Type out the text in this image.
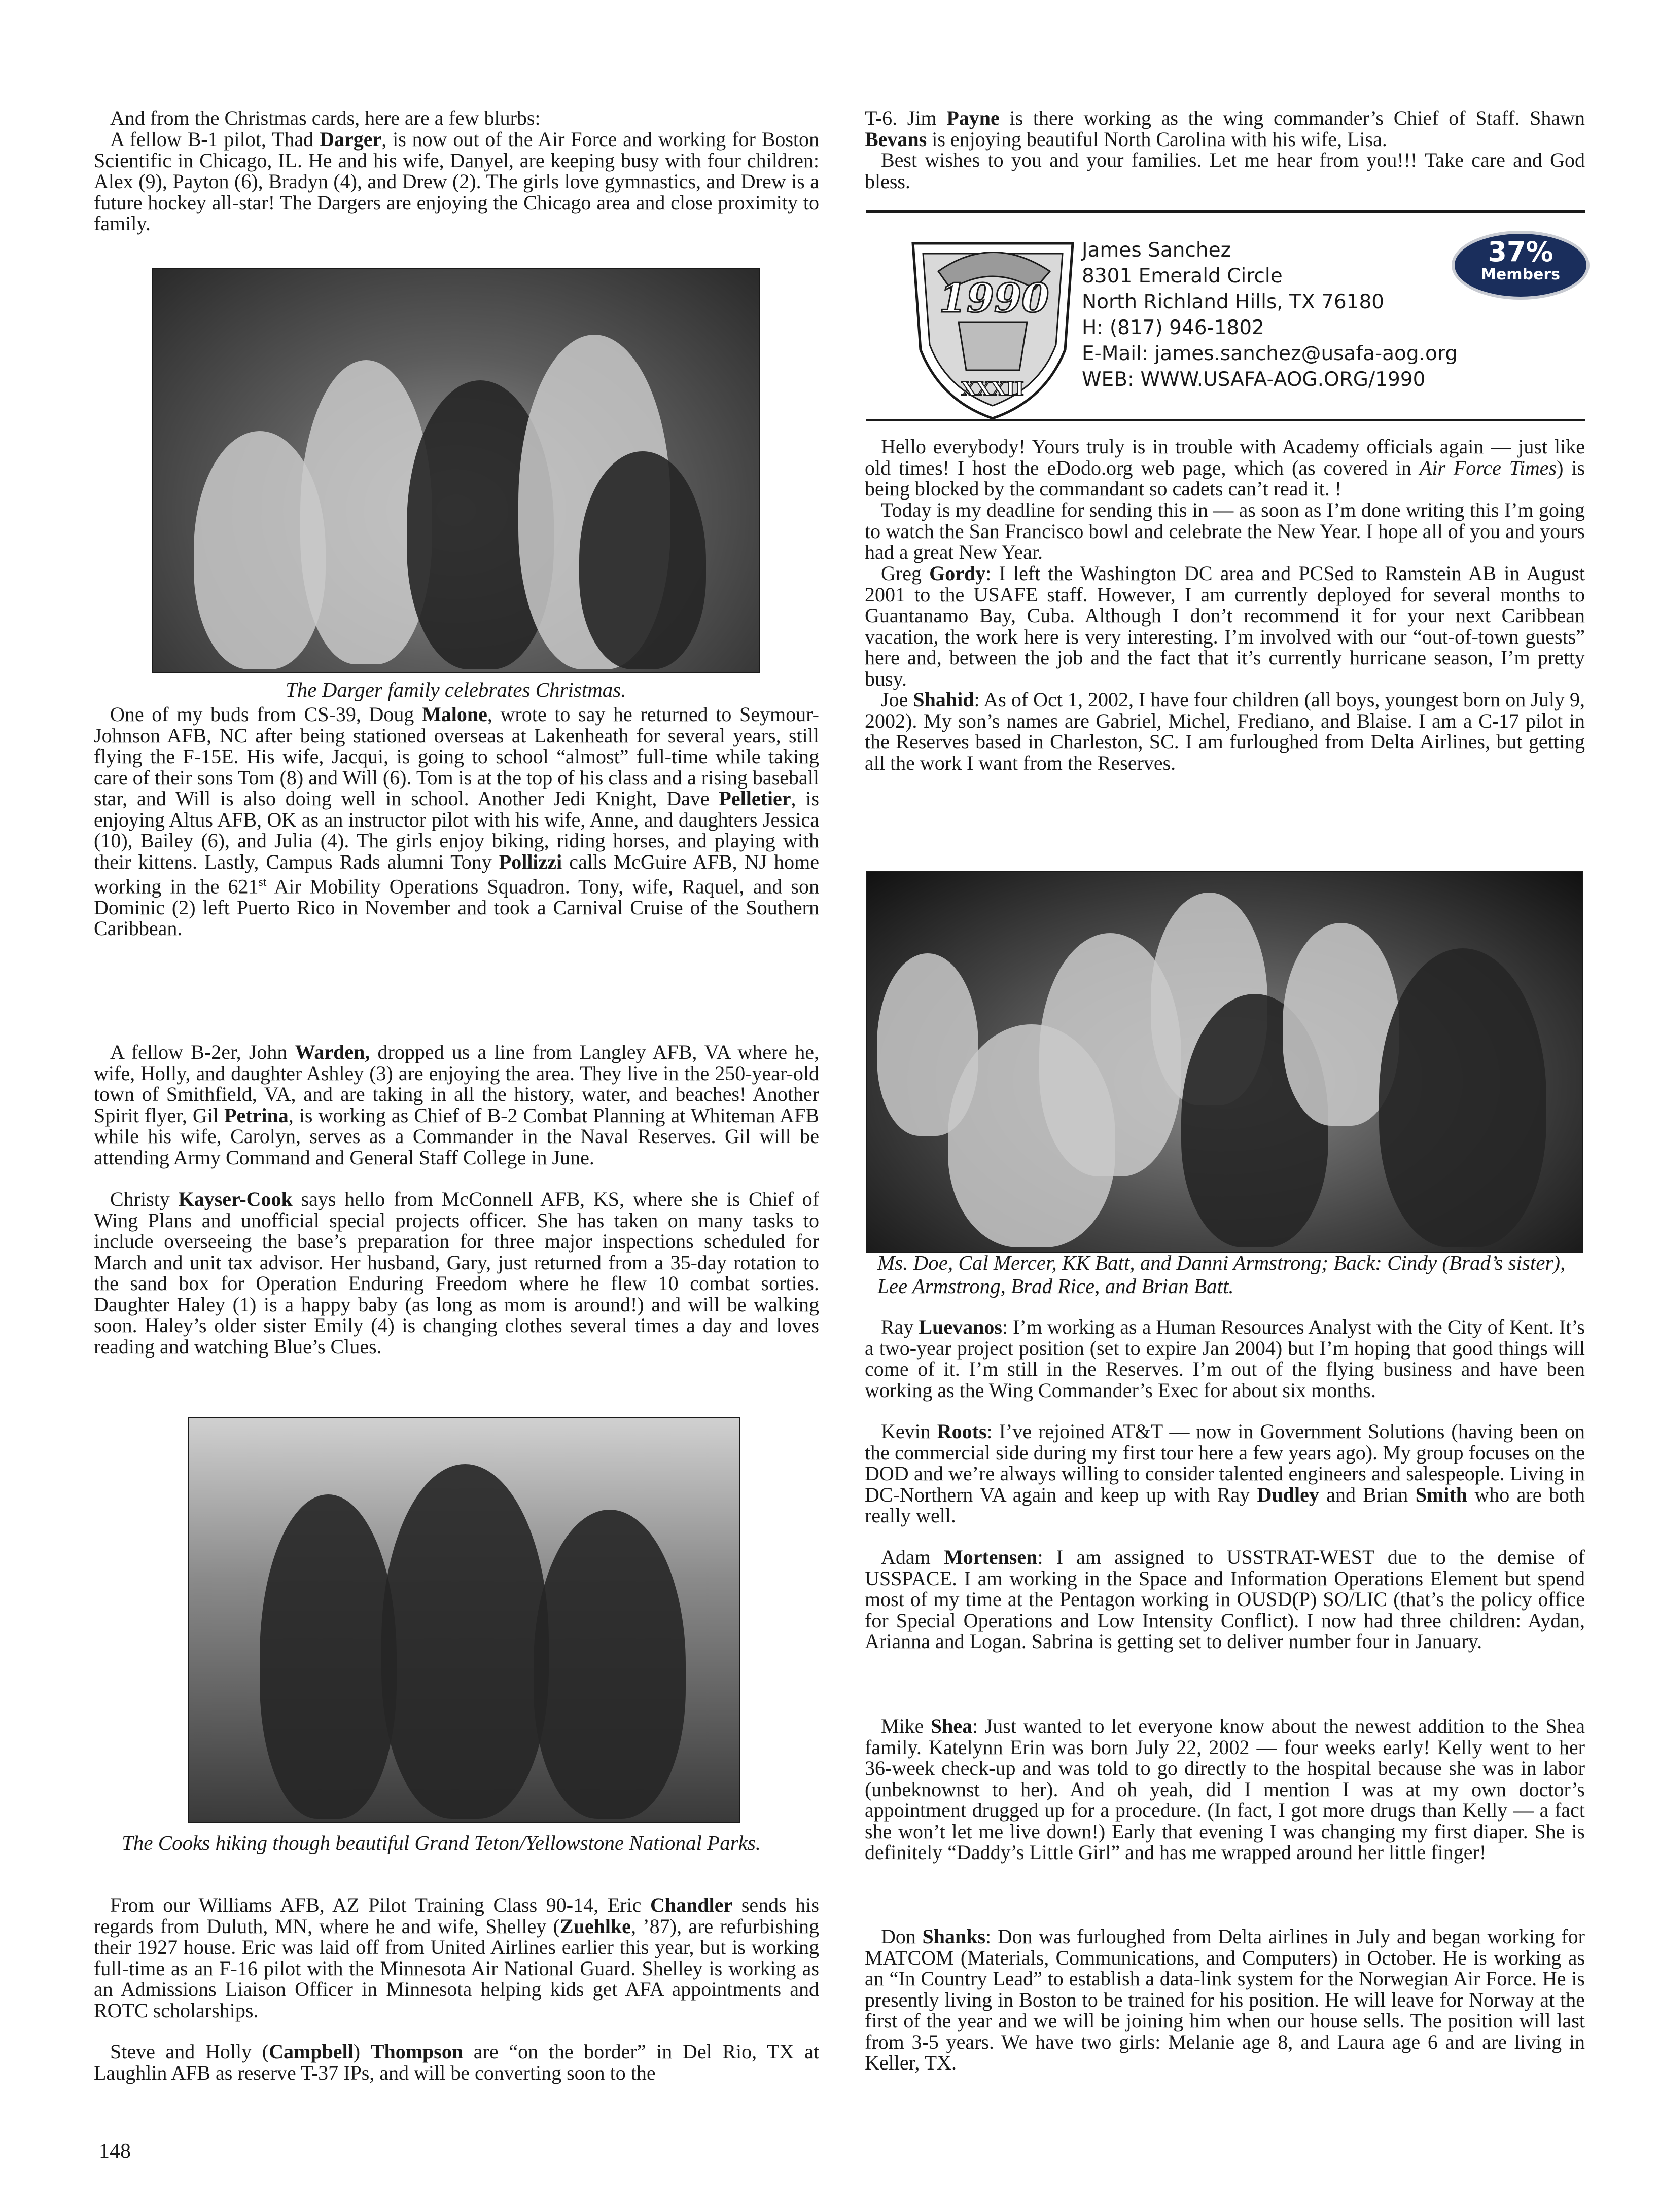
And from the Christmas cards, here are a few blurbs:

A fellow B-1 pilot, Thad Darger, is now out of the Air Force and working for Boston Scientific in Chicago, IL. He and his wife, Danyel, are keeping busy with four children: Alex (9), Payton (6), Bradyn (4), and Drew (2). The girls love gymnastics, and Drew is a future hockey all-star! The Dargers are enjoying the Chicago area and close proximity to family.

The Darger family celebrates Christmas.

One of my buds from CS-39, Doug Malone, wrote to say he returned to Seymour-Johnson AFB, NC after being stationed overseas at Lakenheath for several years, still flying the F-15E. His wife, Jacqui, is going to school “almost” full-time while taking care of their sons Tom (8) and Will (6). Tom is at the top of his class and a rising baseball star, and Will is also doing well in school. Another Jedi Knight, Dave Pelletier, is enjoying Altus AFB, OK as an instructor pilot with his wife, Anne, and daughters Jessica (10), Bailey (6), and Julia (4). The girls enjoy biking, riding horses, and playing with their kittens. Lastly, Campus Rads alumni Tony Pollizzi calls McGuire AFB, NJ home working in the 621st Air Mobility Operations Squadron. Tony, wife, Raquel, and son Dominic (2) left Puerto Rico in November and took a Carnival Cruise of the Southern Caribbean.

A fellow B-2er, John Warden, dropped us a line from Langley AFB, VA where he, wife, Holly, and daughter Ashley (3) are enjoying the area. They live in the 250-year-old town of Smithfield, VA, and are taking in all the history, water, and beaches! Another Spirit flyer, Gil Petrina, is working as Chief of B-2 Combat Planning at Whiteman AFB while his wife, Carolyn, serves as a Commander in the Naval Reserves. Gil will be attending Army Command and General Staff College in June.

Christy Kayser-Cook says hello from McConnell AFB, KS, where she is Chief of Wing Plans and unofficial special projects officer. She has taken on many tasks to include overseeing the base’s preparation for three major inspections scheduled for March and unit tax advisor. Her husband, Gary, just returned from a 35-day rotation to the sand box for Operation Enduring Freedom where he flew 10 combat sorties. Daughter Haley (1) is a happy baby (as long as mom is around!) and will be walking soon. Haley’s older sister Emily (4) is changing clothes several times a day and loves reading and watching Blue’s Clues.

The Cooks hiking though beautiful Grand Teton/Yellowstone National Parks.

From our Williams AFB, AZ Pilot Training Class 90-14, Eric Chandler sends his regards from Duluth, MN, where he and wife, Shelley (Zuehlke, ’87), are refurbishing their 1927 house. Eric was laid off from United Airlines earlier this year, but is working full-time as an F-16 pilot with the Minnesota Air National Guard. Shelley is working as an Admissions Liaison Officer in Minnesota helping kids get AFA appointments and ROTC scholarships.

Steve and Holly (Campbell) Thompson are “on the border” in Del Rio, TX at Laughlin AFB as reserve T-37 IPs, and will be converting soon to the

T-6. Jim Payne is there working as the wing commander’s Chief of Staff. Shawn Bevans is enjoying beautiful North Carolina with his wife, Lisa.

Best wishes to you and your families. Let me hear from you!!! Take care and God bless.

1990
XXXII
James Sanchez
8301 Emerald Circle
North Richland Hills, TX 76180
H: (817) 946-1802
E-Mail: james.sanchez@usafa-aog.org
WEB: WWW.USAFA-AOG.ORG/1990
37%
Members

Hello everybody! Yours truly is in trouble with Academy officials again — just like old times! I host the eDodo.org web page, which (as covered in Air Force Times) is being blocked by the commandant so cadets can’t read it. !

Today is my deadline for sending this in — as soon as I’m done writing this I’m going to watch the San Francisco bowl and celebrate the New Year. I hope all of you and yours had a great New Year.

Greg Gordy: I left the Washington DC area and PCSed to Ramstein AB in August 2001 to the USAFE staff. However, I am currently deployed for several months to Guantanamo Bay, Cuba. Although I don’t recommend it for your next Caribbean vacation, the work here is very interesting. I’m involved with our “out-of-town guests” here and, between the job and the fact that it’s currently hurricane season, I’m pretty busy.

Joe Shahid: As of Oct 1, 2002, I have four children (all boys, youngest born on July 9, 2002). My son’s names are Gabriel, Michel, Frediano, and Blaise. I am a C-17 pilot in the Reserves based in Charleston, SC. I am furloughed from Delta Airlines, but getting all the work I want from the Reserves.

Ms. Doe, Cal Mercer, KK Batt, and Danni Armstrong; Back: Cindy (Brad’s sister), Lee Armstrong, Brad Rice, and Brian Batt.

Ray Luevanos: I’m working as a Human Resources Analyst with the City of Kent. It’s a two-year project position (set to expire Jan 2004) but I’m hoping that good things will come of it. I’m still in the Reserves. I’m out of the flying business and have been working as the Wing Commander’s Exec for about six months.

Kevin Roots: I’ve rejoined AT&T — now in Government Solutions (having been on the commercial side during my first tour here a few years ago). My group focuses on the DOD and we’re always willing to consider talented engineers and salespeople. Living in DC-Northern VA again and keep up with Ray Dudley and Brian Smith who are both really well.

Adam Mortensen: I am assigned to USSTRAT-WEST due to the demise of USSPACE. I am working in the Space and Information Operations Element but spend most of my time at the Pentagon working in OUSD(P) SO/LIC (that’s the policy office for Special Operations and Low Intensity Conflict). I now had three children: Aydan, Arianna and Logan. Sabrina is getting set to deliver number four in January.

Mike Shea: Just wanted to let everyone know about the newest addition to the Shea family. Katelynn Erin was born July 22, 2002 — four weeks early! Kelly went to her 36-week check-up and was told to go directly to the hospital because she was in labor (unbeknownst to her). And oh yeah, did I mention I was at my own doctor’s appointment drugged up for a procedure. (In fact, I got more drugs than Kelly — a fact she won’t let me live down!) Early that evening I was changing my first diaper. She is definitely “Daddy’s Little Girl” and has me wrapped around her little finger!

Don Shanks: Don was furloughed from Delta airlines in July and began working for MATCOM (Materials, Communications, and Computers) in October. He is working as an “In Country Lead” to establish a data-link system for the Norwegian Air Force. He is presently living in Boston to be trained for his position. He will leave for Norway at the first of the year and we will be joining him when our house sells. The position will last from 3-5 years. We have two girls: Melanie age 8, and Laura age 6 and are living in Keller, TX.

148
